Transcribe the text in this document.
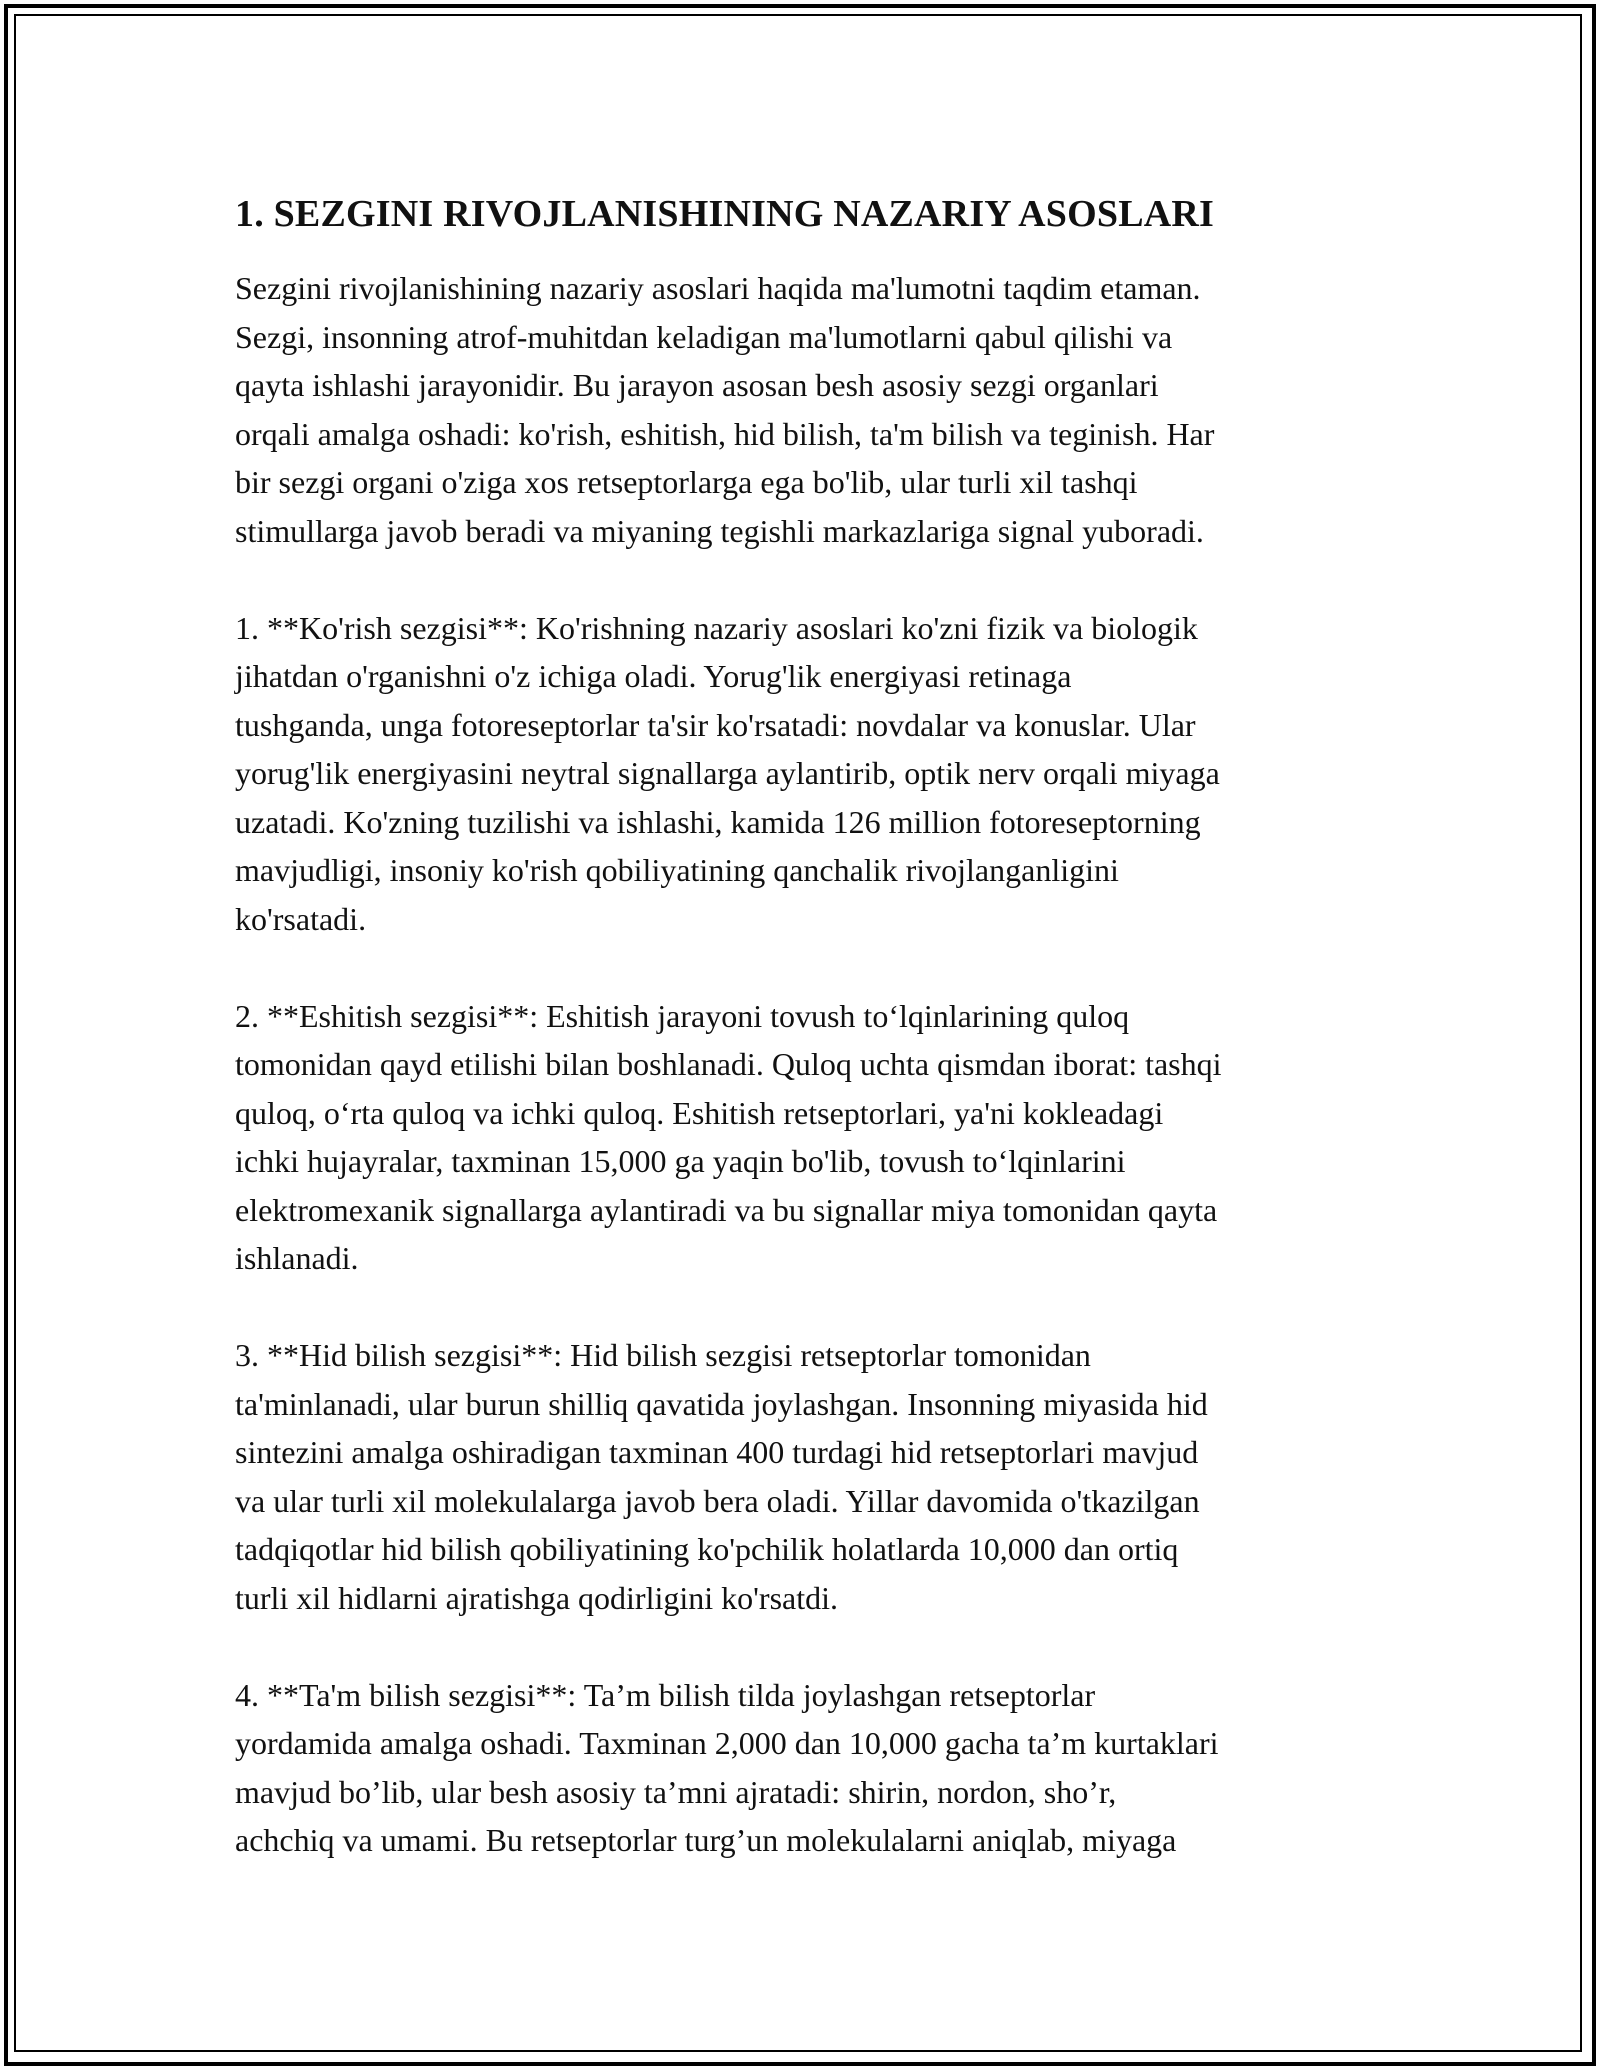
1. SEZGINI RIVOJLANISHINING NAZARIY ASOSLARI
Sezgini rivojlanishining nazariy asoslari haqida ma'lumotni taqdim etaman.
Sezgi, insonning atrof-muhitdan keladigan ma'lumotlarni qabul qilishi va
qayta ishlashi jarayonidir. Bu jarayon asosan besh asosiy sezgi organlari
orqali amalga oshadi: ko'rish, eshitish, hid bilish, ta'm bilish va teginish. Har
bir sezgi organi o'ziga xos retseptorlarga ega bo'lib, ular turli xil tashqi
stimullarga javob beradi va miyaning tegishli markazlariga signal yuboradi.
1. **Ko'rish sezgisi**: Ko'rishning nazariy asoslari ko'zni fizik va biologik
jihatdan o'rganishni o'z ichiga oladi. Yorug'lik energiyasi retinaga
tushganda, unga fotoreseptorlar ta'sir ko'rsatadi: novdalar va konuslar. Ular
yorug'lik energiyasini neytral signallarga aylantirib, optik nerv orqali miyaga
uzatadi. Ko'zning tuzilishi va ishlashi, kamida 126 million fotoreseptorning
mavjudligi, insoniy ko'rish qobiliyatining qanchalik rivojlanganligini
ko'rsatadi.
2. **Eshitish sezgisi**: Eshitish jarayoni tovush to‘lqinlarining quloq
tomonidan qayd etilishi bilan boshlanadi. Quloq uchta qismdan iborat: tashqi
quloq, o‘rta quloq va ichki quloq. Eshitish retseptorlari, ya'ni kokleadagi
ichki hujayralar, taxminan 15,000 ga yaqin bo'lib, tovush to‘lqinlarini
elektromexanik signallarga aylantiradi va bu signallar miya tomonidan qayta
ishlanadi.
3. **Hid bilish sezgisi**: Hid bilish sezgisi retseptorlar tomonidan
ta'minlanadi, ular burun shilliq qavatida joylashgan. Insonning miyasida hid
sintezini amalga oshiradigan taxminan 400 turdagi hid retseptorlari mavjud
va ular turli xil molekulalarga javob bera oladi. Yillar davomida o'tkazilgan
tadqiqotlar hid bilish qobiliyatining ko'pchilik holatlarda 10,000 dan ortiq
turli xil hidlarni ajratishga qodirligini ko'rsatdi.
4. **Ta'm bilish sezgisi**: Ta’m bilish tilda joylashgan retseptorlar
yordamida amalga oshadi. Taxminan 2,000 dan 10,000 gacha ta’m kurtaklari
mavjud bo’lib, ular besh asosiy ta’mni ajratadi: shirin, nordon, sho’r,
achchiq va umami. Bu retseptorlar turg’un molekulalarni aniqlab, miyaga
